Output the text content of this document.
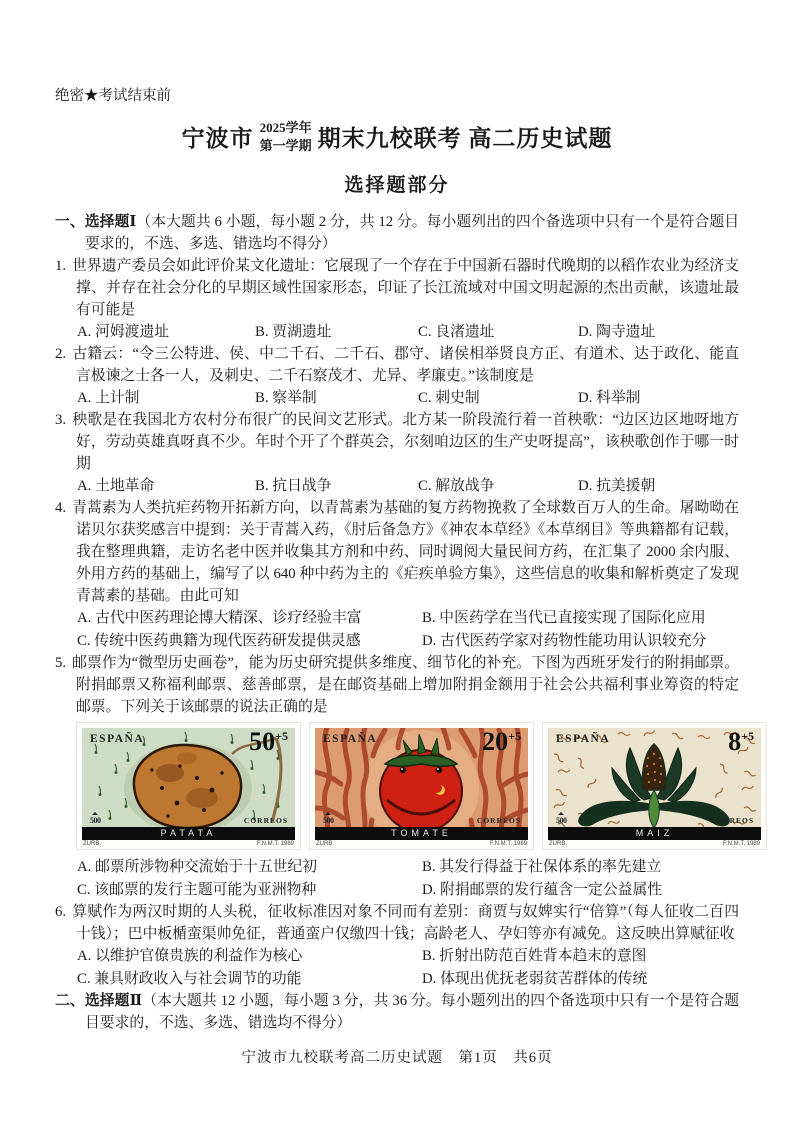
绝密★考试结束前

宁波市 2025学年
第一学期 期末九校联考 高二历史试题
选择题部分

一、选择题Ⅰ（本大题共 6 小题，每小题 2 分，共 12 分。每小题列出的四个备选项中只有一个是符合题目要求的，不选、多选、错选均不得分）

1. 世界遗产委员会如此评价某文化遗址：它展现了一个存在于中国新石器时代晚期的以稻作农业为经济支撑、并存在社会分化的早期区域性国家形态，印证了长江流域对中国文明起源的杰出贡献，该遗址最有可能是

A. 河姆渡遗址	B. 贾湖遗址	C. 良渚遗址	D. 陶寺遗址

2. 古籍云：“令三公特进、侯、中二千石、二千石、郡守、诸侯相举贤良方正、有道术、达于政化、能直言极谏之士各一人，及刺史、二千石察茂才、尤异、孝廉吏。”该制度是

A. 上计制	B. 察举制	C. 刺史制	D. 科举制

3. 秧歌是在我国北方农村分布很广的民间文艺形式。北方某一阶段流行着一首秧歌：“边区边区地呀地方好，劳动英雄真呀真不少。年时个开了个群英会，尔刻咱边区的生产史呀提高”，该秧歌创作于哪一时期

A. 土地革命	B. 抗日战争	C. 解放战争	D. 抗美援朝

4. 青蒿素为人类抗疟药物开拓新方向，以青蒿素为基础的复方药物挽救了全球数百万人的生命。屠呦呦在诺贝尔获奖感言中提到：关于青蒿入药，《肘后备急方》《神农本草经》《本草纲目》等典籍都有记载，我在整理典籍，走访名老中医并收集其方剂和中药、同时调阅大量民间方药，在汇集了 2000 余内服、外用方药的基础上，编写了以 640 种中药为主的《疟疾单验方集》，这些信息的收集和解析奠定了发现青蒿素的基础。由此可知

A. 古代中医药理论博大精深、诊疗经验丰富	B. 中医药学在当代已直接实现了国际化应用
C. 传统中医药典籍为现代医药研发提供灵感	D. 古代医药学家对药物性能功用认识较充分

5. 邮票作为“微型历史画卷”，能为历史研究提供多维度、细节化的补充。下图为西班牙发行的附捐邮票。附捐邮票又称福利邮票、慈善邮票，是在邮资基础上增加附捐金额用于社会公共福利事业筹资的特定邮票。下列关于该邮票的说法正确的是

ESPAÑA	$50^{+5}$
500	CORREOS
PATATA
ZURB.	F.N.M.T. 1989
ESPAÑA	$20^{+5}$
500	CORREOS
TOMATE
ZURB.	F.N.M.T. 1989
ESPAÑA	$8^{+5}$
500	CORREOS
MAIZ
ZURB.	F.N.M.T. 1989
A. 邮票所涉物种交流始于十五世纪初	B. 其发行得益于社保体系的率先建立
C. 该邮票的发行主题可能为亚洲物种	D. 附捐邮票的发行蕴含一定公益属性

6. 算赋作为两汉时期的人头税，征收标准因对象不同而有差别：商贾与奴婢实行“倍算”（每人征收二百四十钱）；巴中板楯蛮渠帅免征，普通蛮户仅缴四十钱；高龄老人、孕妇等亦有减免。这反映出算赋征收

A. 以维护官僚贵族的利益作为核心	B. 折射出防范百姓背本趋末的意图
C. 兼具财政收入与社会调节的功能	D. 体现出优抚老弱贫苦群体的传统

二、选择题Ⅱ（本大题共 12 小题，每小题 3 分，共 36 分。每小题列出的四个备选项中只有一个是符合题目要求的，不选、多选、错选均不得分）

宁波市九校联考高二历史试题　第1页　共6页
